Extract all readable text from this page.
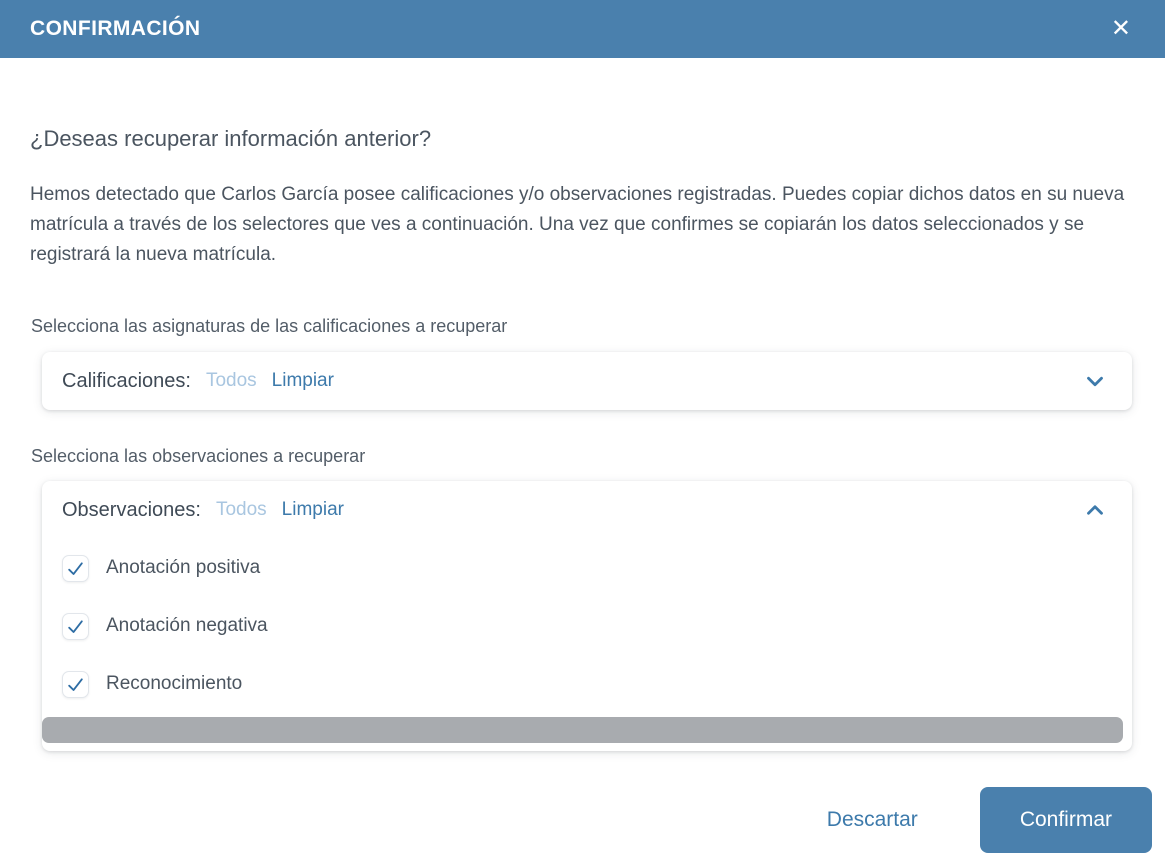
CONFIRMACIÓN	✕
¿Deseas recuperar información anterior?

Hemos detectado que Carlos García posee calificaciones y/o observaciones registradas. Puedes copiar dichos datos en su nueva matrícula a través de los selectores que ves a continuación. Una vez que confirmes se copiarán los datos seleccionados y se registrará la nueva matrícula.

Selecciona las asignaturas de las calificaciones a recuperar
Calificaciones: Todos Limpiar
Selecciona las observaciones a recuperar
Observaciones: Todos Limpiar
Anotación positiva
Anotación negativa
Reconocimiento
Descartar	Confirmar
